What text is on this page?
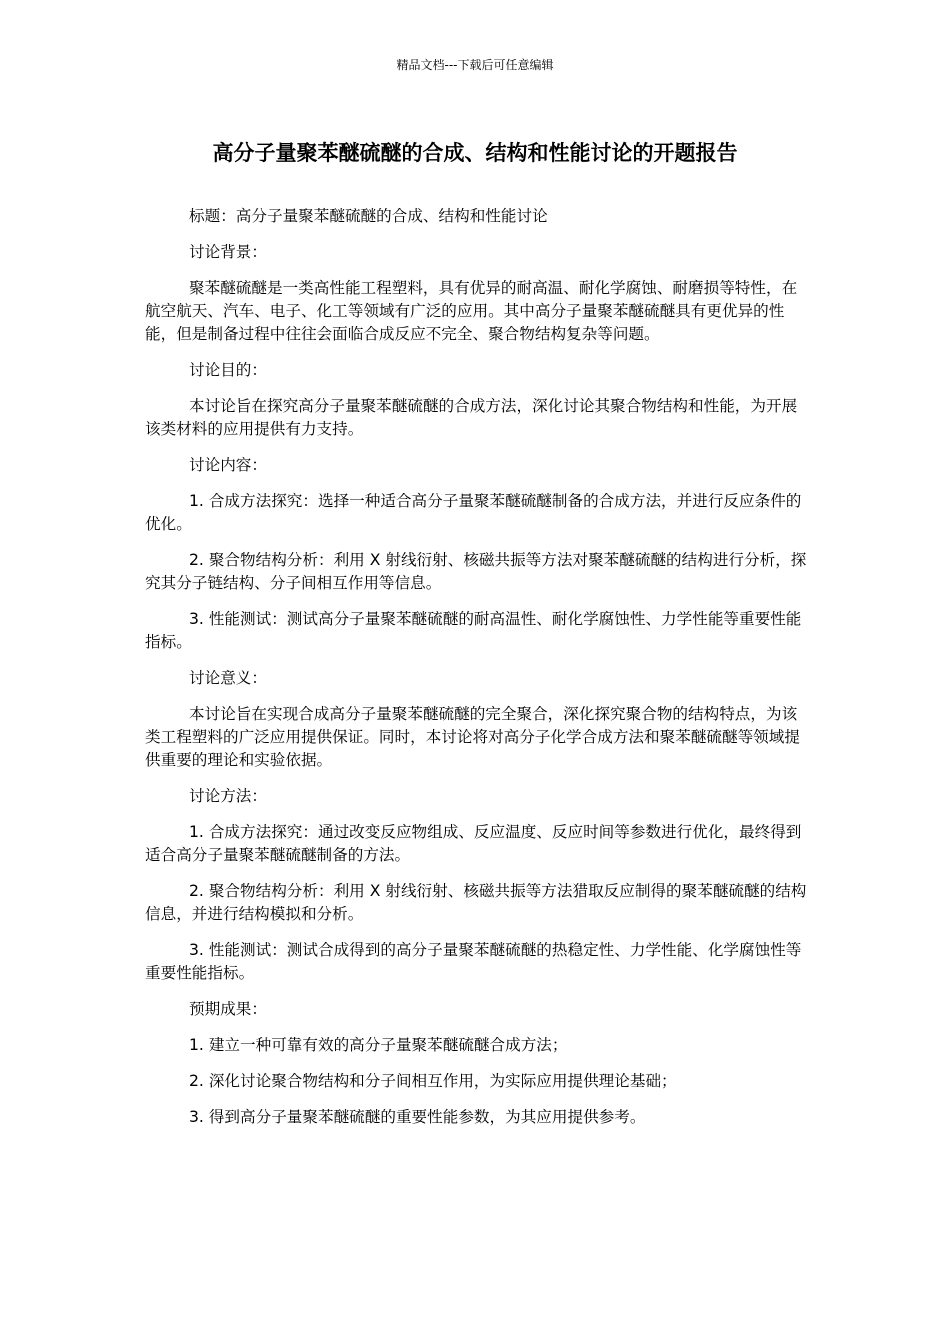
精品文档---下载后可任意编辑
高分子量聚苯醚硫醚的合成、结构和性能讨论的开题报告

标题：高分子量聚苯醚硫醚的合成、结构和性能讨论

讨论背景：

聚苯醚硫醚是一类高性能工程塑料，具有优异的耐高温、耐化学腐蚀、耐磨损等特性，在航空航天、汽车、电子、化工等领域有广泛的应用。其中高分子量聚苯醚硫醚具有更优异的性能，但是制备过程中往往会面临合成反应不完全、聚合物结构复杂等问题。

讨论目的：

本讨论旨在探究高分子量聚苯醚硫醚的合成方法，深化讨论其聚合物结构和性能，为开展该类材料的应用提供有力支持。

讨论内容：

1. 合成方法探究：选择一种适合高分子量聚苯醚硫醚制备的合成方法，并进行反应条件的优化。

2. 聚合物结构分析：利用 X 射线衍射、核磁共振等方法对聚苯醚硫醚的结构进行分析，探究其分子链结构、分子间相互作用等信息。

3. 性能测试：测试高分子量聚苯醚硫醚的耐高温性、耐化学腐蚀性、力学性能等重要性能指标。

讨论意义：

本讨论旨在实现合成高分子量聚苯醚硫醚的完全聚合，深化探究聚合物的结构特点，为该类工程塑料的广泛应用提供保证。同时，本讨论将对高分子化学合成方法和聚苯醚硫醚等领域提供重要的理论和实验依据。

讨论方法：

1. 合成方法探究：通过改变反应物组成、反应温度、反应时间等参数进行优化，最终得到适合高分子量聚苯醚硫醚制备的方法。

2. 聚合物结构分析：利用 X 射线衍射、核磁共振等方法猎取反应制得的聚苯醚硫醚的结构信息，并进行结构模拟和分析。

3. 性能测试：测试合成得到的高分子量聚苯醚硫醚的热稳定性、力学性能、化学腐蚀性等重要性能指标。

预期成果：

1. 建立一种可靠有效的高分子量聚苯醚硫醚合成方法；

2. 深化讨论聚合物结构和分子间相互作用，为实际应用提供理论基础；

3. 得到高分子量聚苯醚硫醚的重要性能参数，为其应用提供参考。
